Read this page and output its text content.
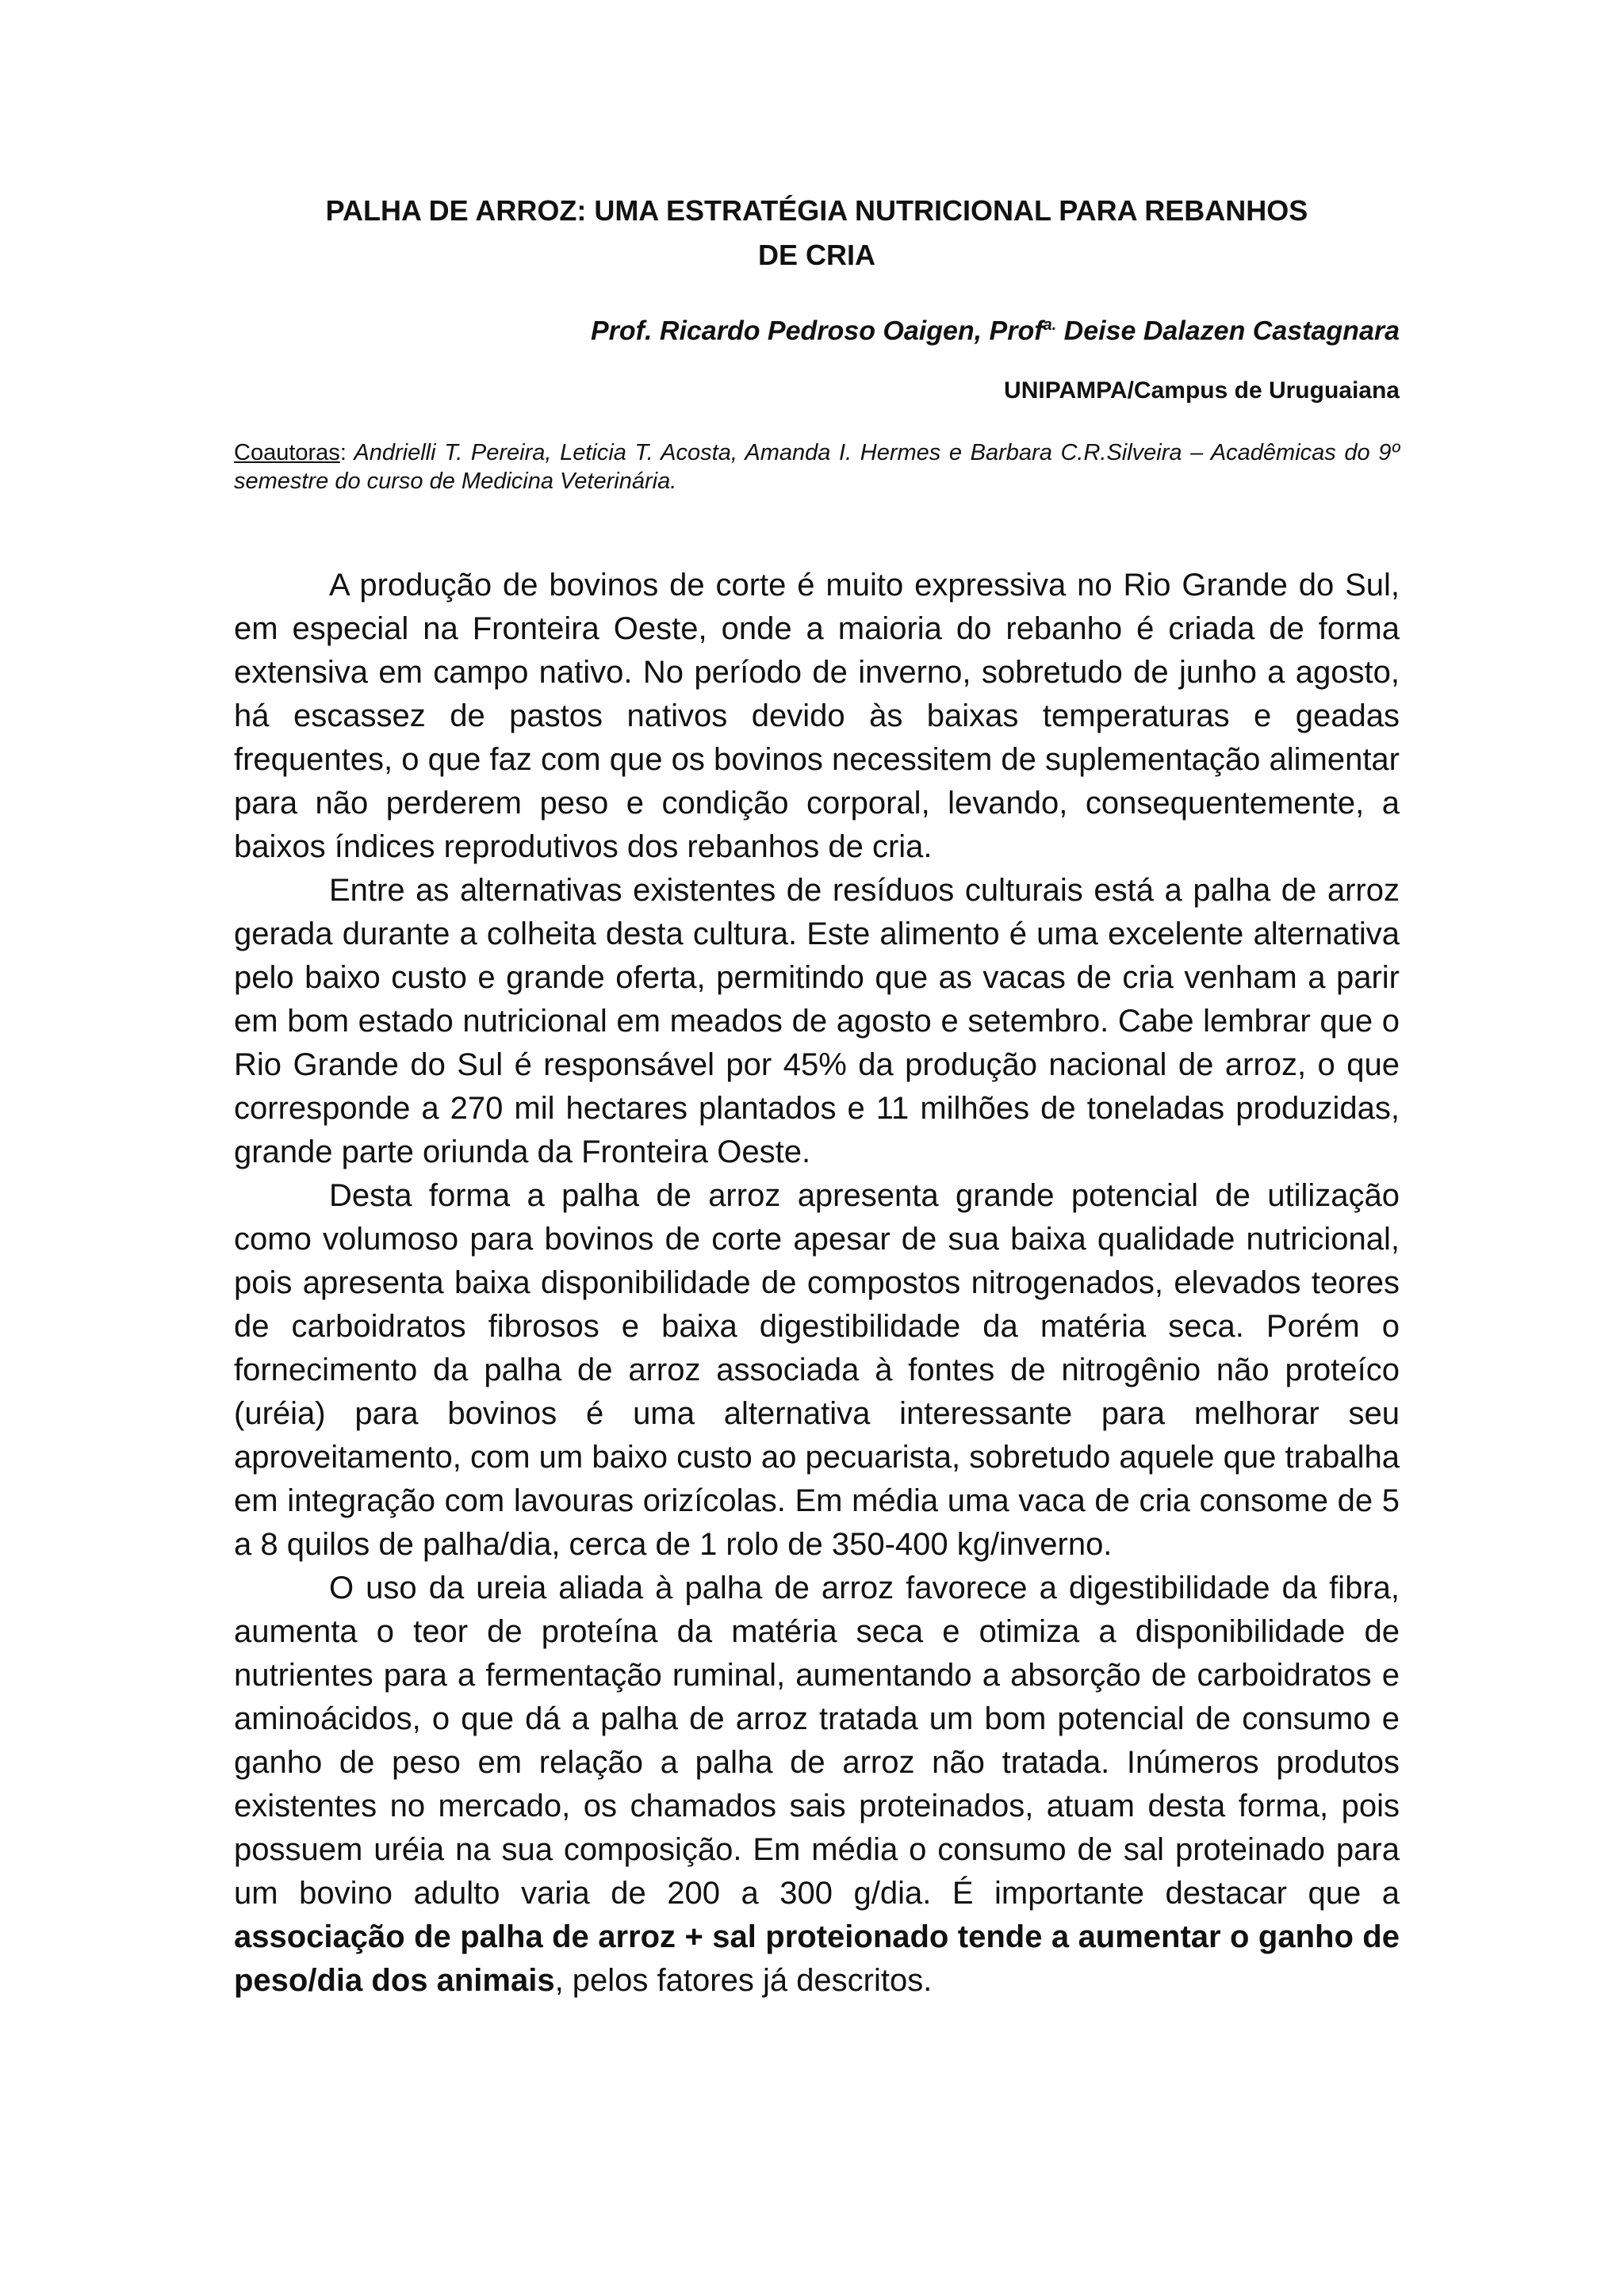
PALHA DE ARROZ: UMA ESTRATÉGIA NUTRICIONAL PARA REBANHOS
DE CRIA
Prof. Ricardo Pedroso Oaigen, Prof$^{a.}$ Deise Dalazen Castagnara
UNIPAMPA/Campus de Uruguaiana
Coautoras: Andrielli T. Pereira, Leticia T. Acosta, Amanda I. Hermes e Barbara C.R.Silveira – Acadêmicas do 9º semestre do curso de Medicina Veterinária.

A produção de bovinos de corte é muito expressiva no Rio Grande do Sul, em especial na Fronteira Oeste, onde a maioria do rebanho é criada de forma extensiva em campo nativo. No período de inverno, sobretudo de junho a agosto, há escassez de pastos nativos devido às baixas temperaturas e geadas frequentes, o que faz com que os bovinos necessitem de suplementação alimentar para não perderem peso e condição corporal, levando, consequentemente, a baixos índices reprodutivos dos rebanhos de cria.

Entre as alternativas existentes de resíduos culturais está a palha de arroz gerada durante a colheita desta cultura. Este alimento é uma excelente alternativa pelo baixo custo e grande oferta, permitindo que as vacas de cria venham a parir em bom estado nutricional em meados de agosto e setembro. Cabe lembrar que o Rio Grande do Sul é responsável por 45% da produção nacional de arroz, o que corresponde a 270 mil hectares plantados e 11 milhões de toneladas produzidas, grande parte oriunda da Fronteira Oeste.

Desta forma a palha de arroz apresenta grande potencial de utilização como volumoso para bovinos de corte apesar de sua baixa qualidade nutricional, pois apresenta baixa disponibilidade de compostos nitrogenados, elevados teores de carboidratos fibrosos e baixa digestibilidade da matéria seca. Porém o fornecimento da palha de arroz associada à fontes de nitrogênio não proteíco (uréia) para bovinos é uma alternativa interessante para melhorar seu aproveitamento, com um baixo custo ao pecuarista, sobretudo aquele que trabalha em integração com lavouras orizícolas. Em média uma vaca de cria consome de 5 a 8 quilos de palha/dia, cerca de 1 rolo de 350-400 kg/inverno.

O uso da ureia aliada à palha de arroz favorece a digestibilidade da fibra, aumenta o teor de proteína da matéria seca e otimiza a disponibilidade de nutrientes para a fermentação ruminal, aumentando a absorção de carboidratos e aminoácidos, o que dá a palha de arroz tratada um bom potencial de consumo e ganho de peso em relação a palha de arroz não tratada. Inúmeros produtos existentes no mercado, os chamados sais proteinados, atuam desta forma, pois possuem uréia na sua composição. Em média o consumo de sal proteinado para um bovino adulto varia de 200 a 300 g/dia. É importante destacar que a associação de palha de arroz + sal proteionado tende a aumentar o ganho de peso/dia dos animais, pelos fatores já descritos.
